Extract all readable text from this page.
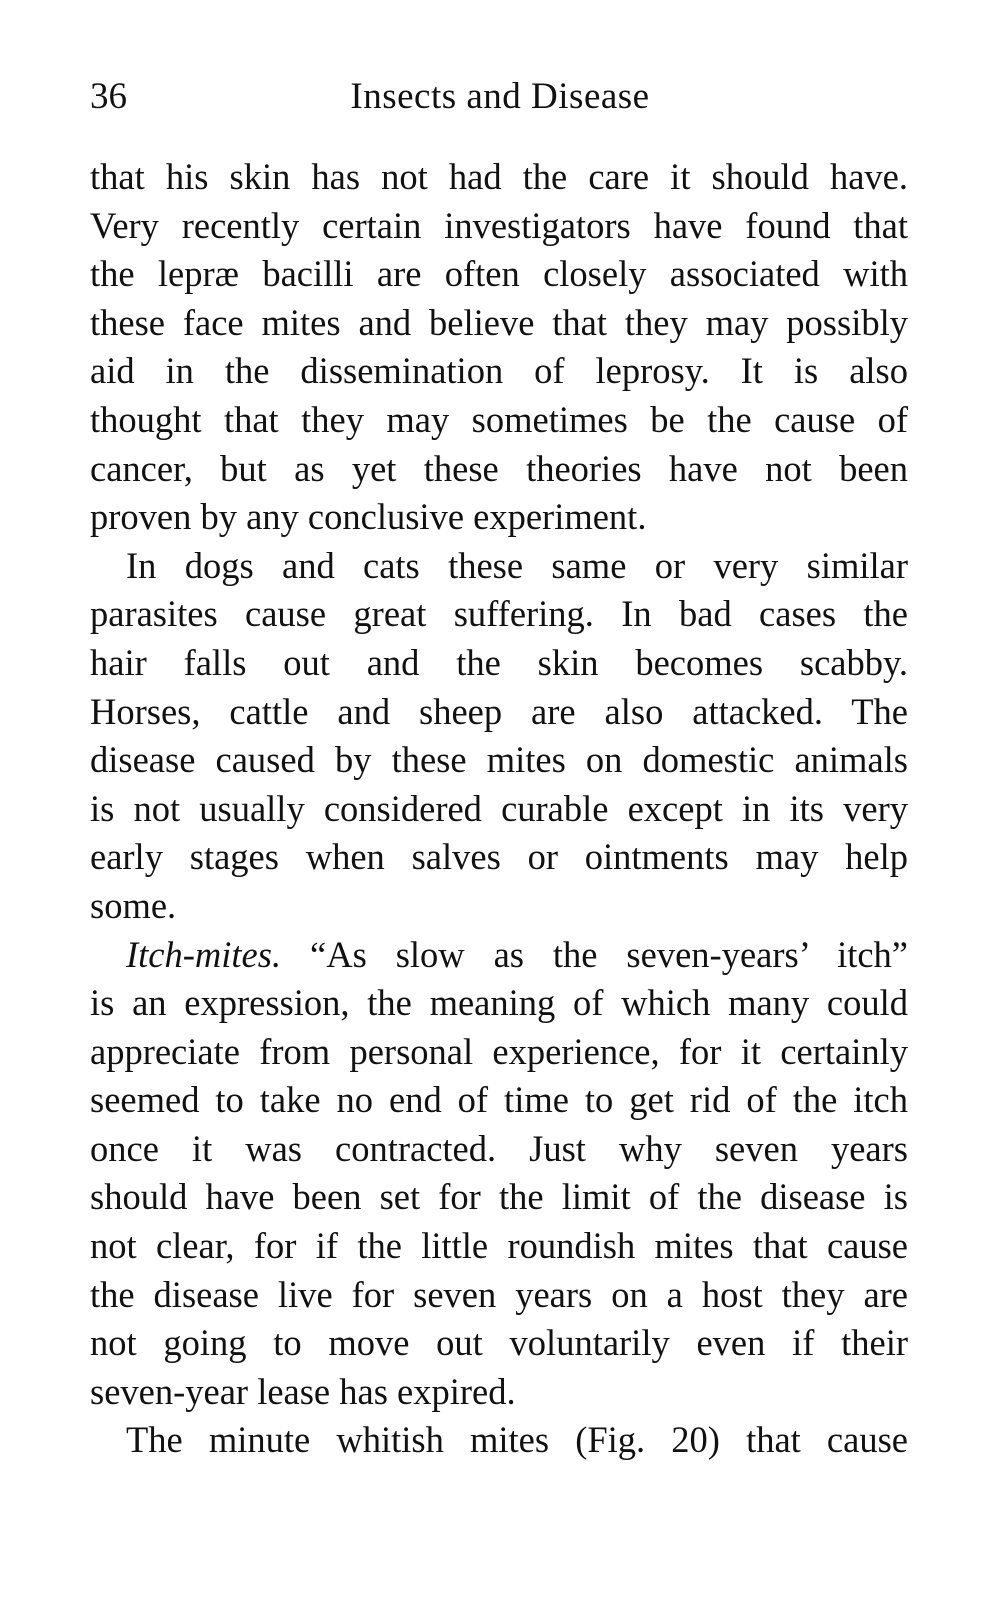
36	Insects and Disease
that his skin has not had the care it should have.
Very recently certain investigators have found that
the lepræ bacilli are often closely associated with
these face mites and believe that they may possibly
aid in the dissemination of leprosy. It is also
thought that they may sometimes be the cause of
cancer, but as yet these theories have not been
proven by any conclusive experiment.
In dogs and cats these same or very similar
parasites cause great suffering. In bad cases the
hair falls out and the skin becomes scabby.
Horses, cattle and sheep are also attacked. The
disease caused by these mites on domestic animals
is not usually considered curable except in its very
early stages when salves or ointments may help
some.
Itch-mites. “As slow as the seven-years’ itch”
is an expression, the meaning of which many could
appreciate from personal experience, for it certainly
seemed to take no end of time to get rid of the itch
once it was contracted. Just why seven years
should have been set for the limit of the disease is
not clear, for if the little roundish mites that cause
the disease live for seven years on a host they are
not going to move out voluntarily even if their
seven-year lease has expired.
The minute whitish mites (Fig. 20) that cause
